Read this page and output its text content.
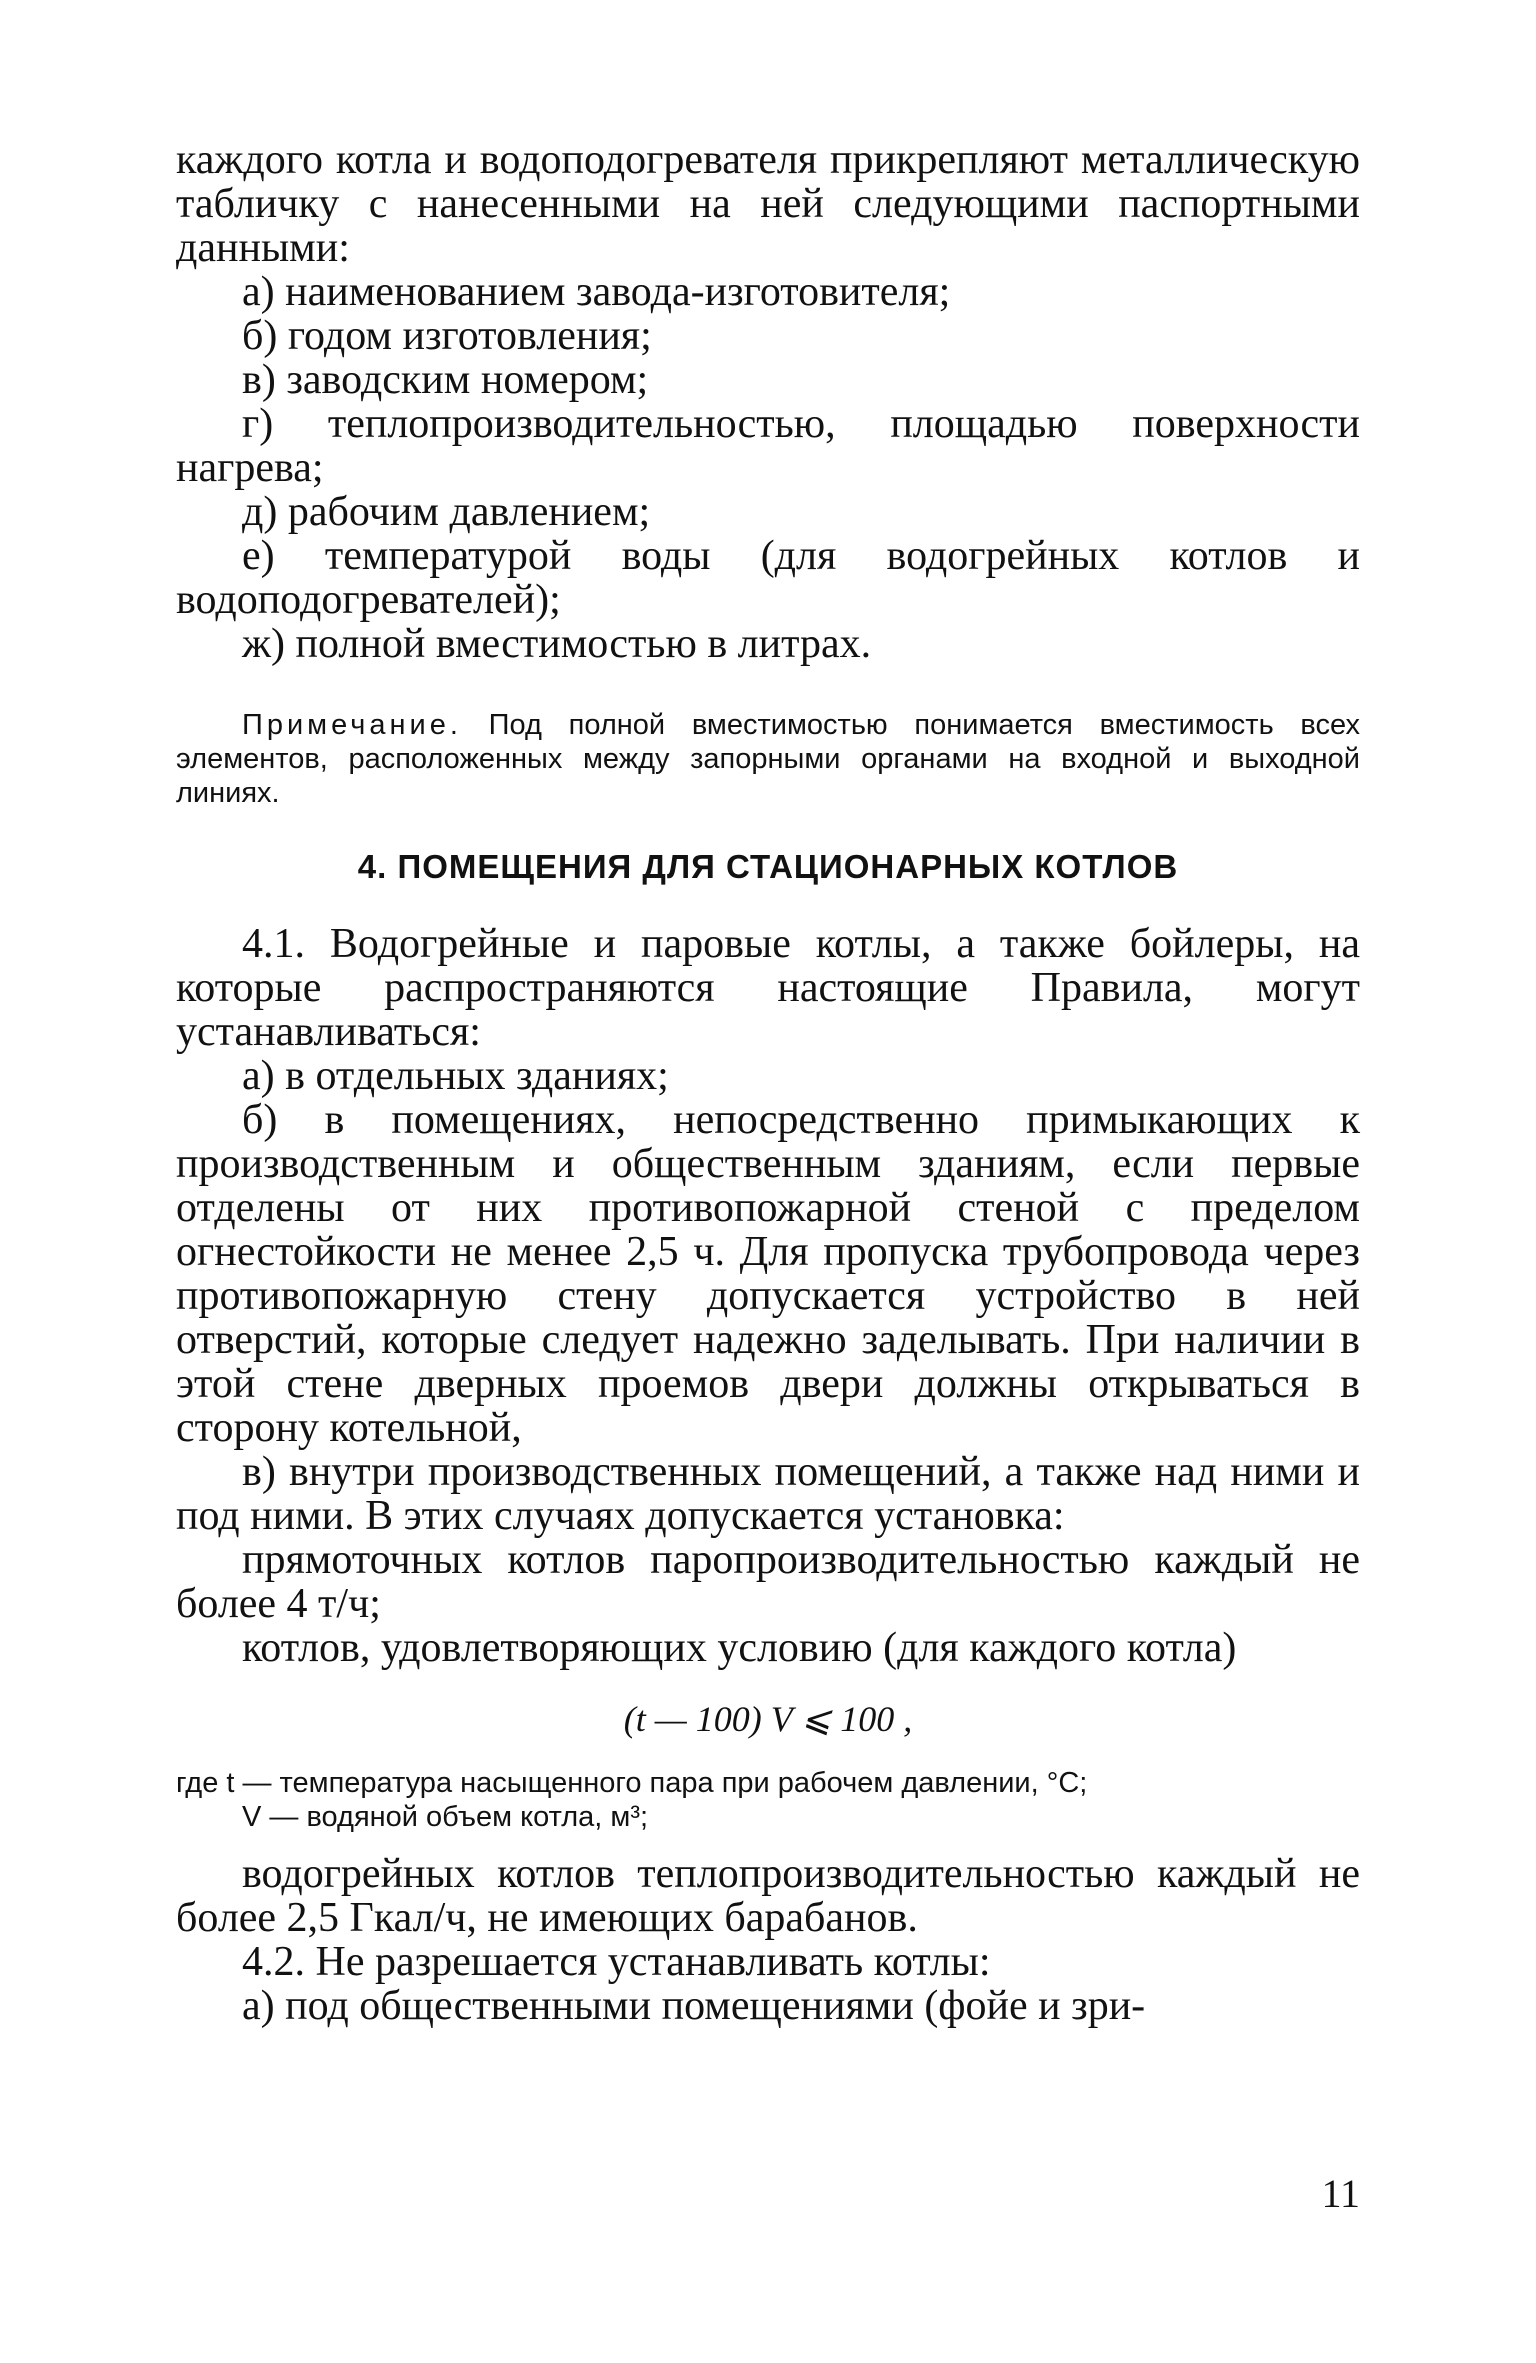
каждого котла и водоподогревателя прикрепляют металлическую табличку с нанесенными на ней следующими паспортными данными:

а) наименованием завода-изготовителя;

б) годом изготовления;

в) заводским номером;

г) теплопроизводительностью, площадью поверхности нагрева;

д) рабочим давлением;

е) температурой воды (для водогрейных котлов и водоподогревателей);

ж) полной вместимостью в литрах.

Примечание. Под полной вместимостью понимается вместимость всех элементов, расположенных между запорными органами на входной и выходной линиях.

4. ПОМЕЩЕНИЯ ДЛЯ СТАЦИОНАРНЫХ КОТЛОВ

4.1. Водогрейные и паровые котлы, а также бойлеры, на которые распространяются настоящие Правила, могут устанавливаться:

а) в отдельных зданиях;

б) в помещениях, непосредственно примыкающих к производственным и общественным зданиям, если первые отделены от них противопожарной стеной с пределом огнестойкости не менее 2,5 ч. Для пропуска трубопровода через противопожарную стену допускается устройство в ней отверстий, которые следует надежно заделывать. При наличии в этой стене дверных проемов двери должны открываться в сторону котельной,

в) внутри производственных помещений, а также над ними и под ними. В этих случаях допускается установка:

прямоточных котлов паропроизводительностью каждый не более 4 т/ч;

котлов, удовлетворяющих условию (для каждого котла)

(t — 100) V ⩽ 100 ,

где t — температура насыщенного пара при рабочем давлении, °С;

V — водяной объем котла, м³;

водогрейных котлов теплопроизводительностью каждый не более 2,5 Гкал/ч, не имеющих барабанов.

4.2. Не разрешается устанавливать котлы:

а) под общественными помещениями (фойе и зри-

11
